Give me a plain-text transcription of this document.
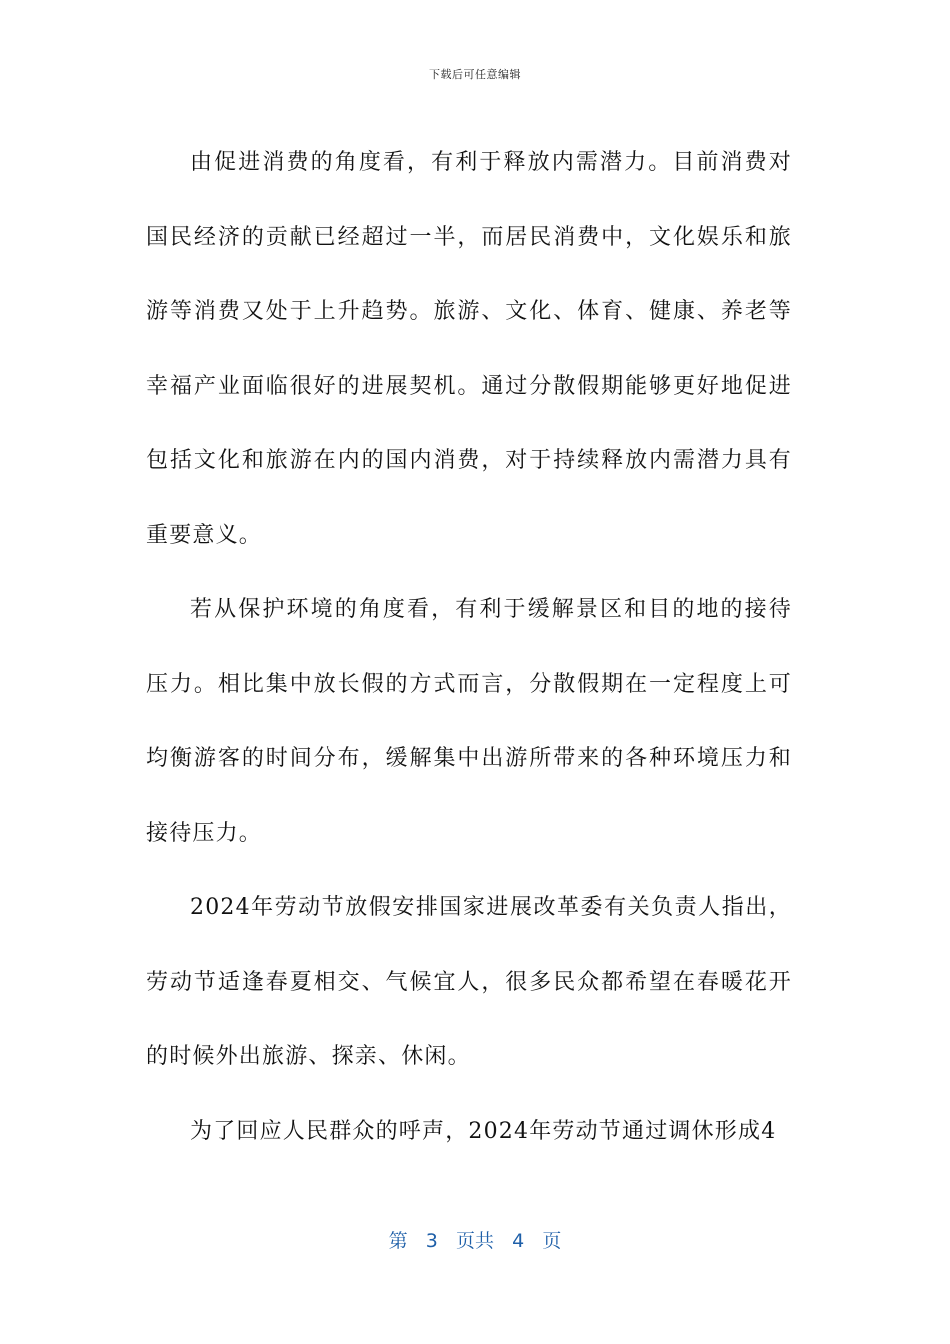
下载后可任意编辑

由促进消费的角度看，有利于释放内需潜力。目前消费对国民经济的贡献已经超过一半，而居民消费中，文化娱乐和旅游等消费又处于上升趋势。旅游、文化、体育、健康、养老等幸福产业面临很好的进展契机。通过分散假期能够更好地促进包括文化和旅游在内的国内消费，对于持续释放内需潜力具有重要意义。

若从保护环境的角度看，有利于缓解景区和目的地的接待压力。相比集中放长假的方式而言，分散假期在一定程度上可均衡游客的时间分布，缓解集中出游所带来的各种环境压力和接待压力。

2024年劳动节放假安排国家进展改革委有关负责人指出，劳动节适逢春夏相交、气候宜人，很多民众都希望在春暖花开的时候外出旅游、探亲、休闲。

为了回应人民群众的呼声，2024年劳动节通过调休形成4

第 3 页共 4 页
